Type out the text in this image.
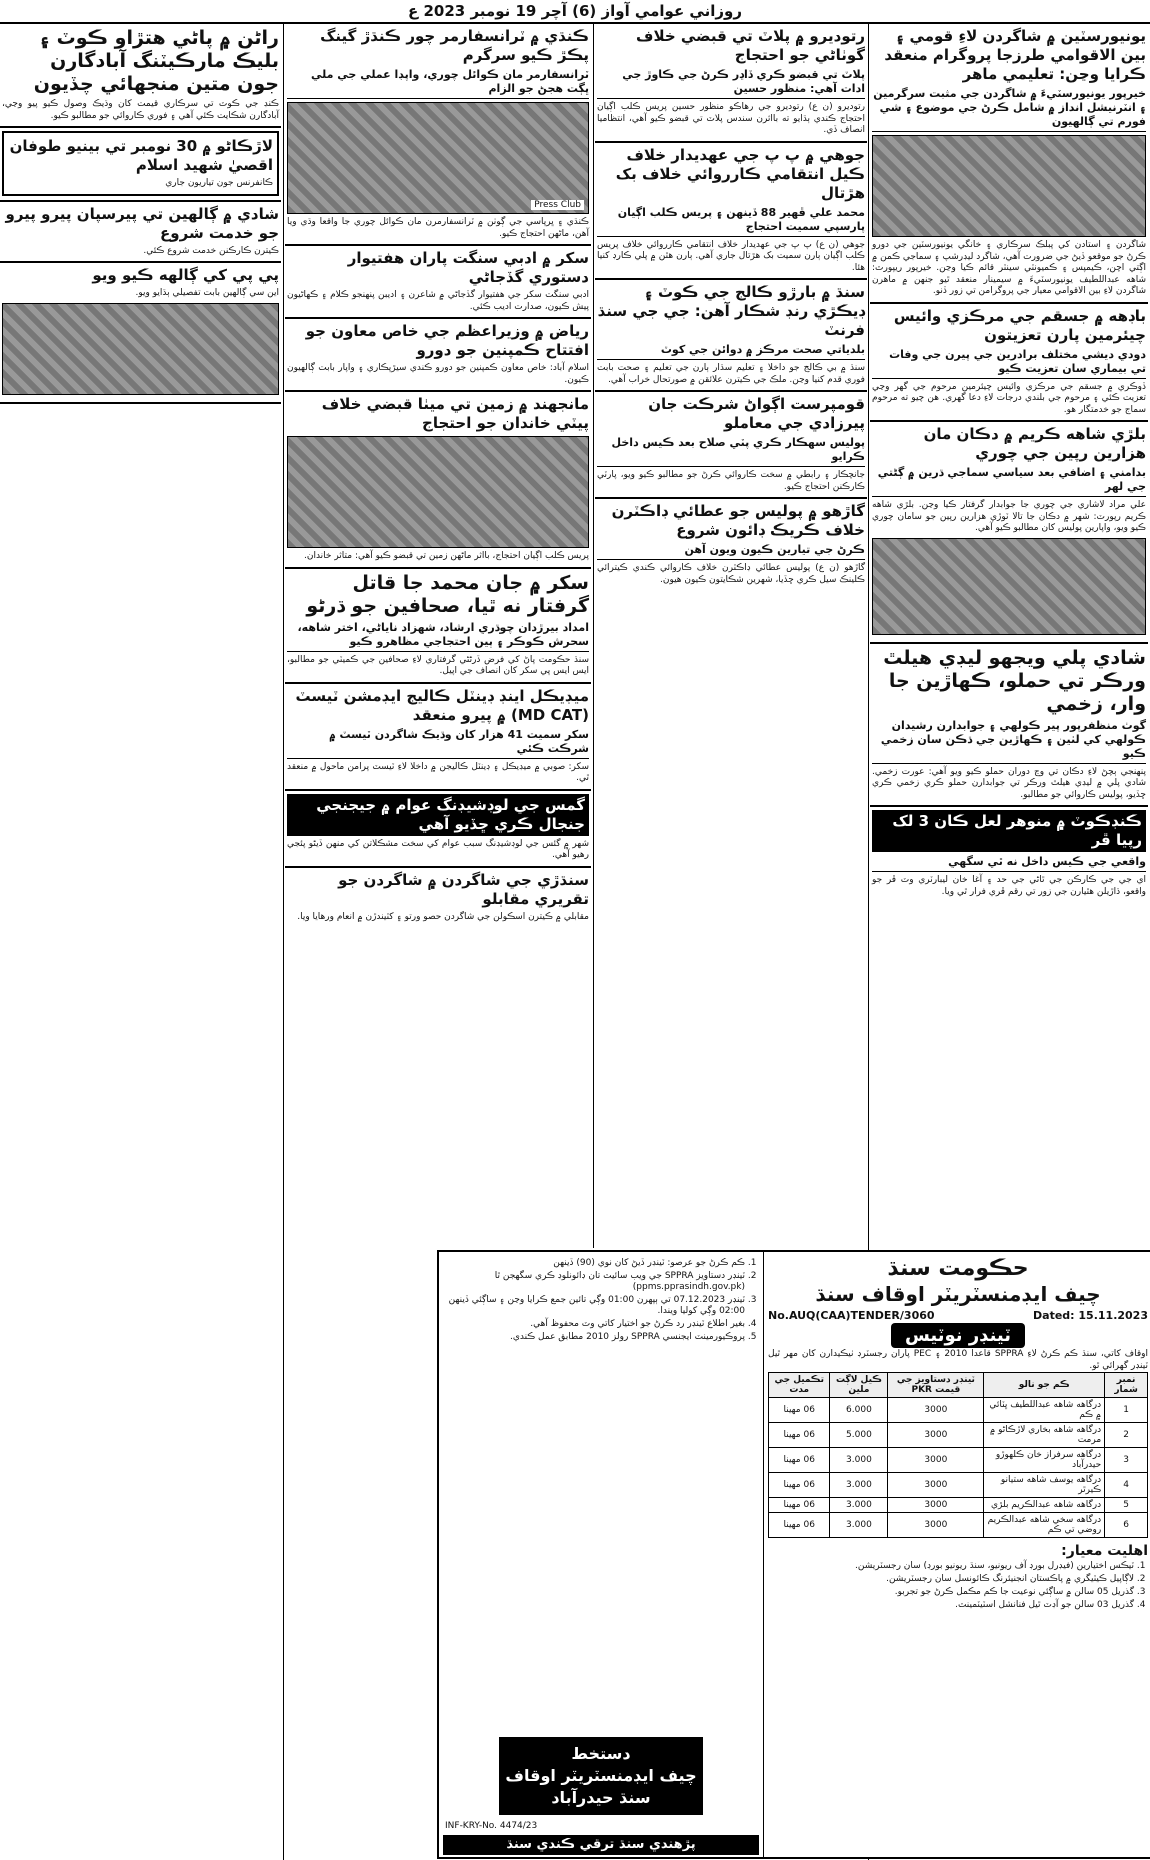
روزاني عوامي آواز (6) آچر 19 نومبر 2023 ع

يونيورسٽين ۾ شاگردن لاءِ قومي ۽ بين الاقوامي طرزجا پروگرام منعقد ڪرايا وڃن: تعليمي ماهر

خيرپور يونيورسٽيءَ ۾ شاگردن جي مثبت سرگرمين ۽ انٽرنيشل انداز ۾ شامل ڪرڻ جي موضوع ۽ شي فورم تي ڳالهيون

شاگردن ۽ استادن کي پبلڪ سرڪاري ۽ خانگي يونيورسٽين جي دورو ڪرڻ جو موقعو ڏيڻ جي ضرورت آهي، شاگرد ليڊرشپ ۽ سماجي ڪمن ۾ اڳتي اچن، ڪيمپس ۽ ڪميونٽي سينٽر قائم ڪيا وڃن. خيرپور ريپورٽ: شاهه عبداللطيف يونيورسٽيءَ ۾ سيمينار منعقد ٿيو جنهن ۾ ماهرن شاگردن لاءِ بين الاقوامي معيار جي پروگرامن تي زور ڏنو.

باڊهه ۾ جسقم جي مرڪزي وائيس چيئرمين پارن تعزيتون

دودي ديشي مختلف برادرين جي پيرن جي وفات تي بيماري سان تعزيت ڪيو

ڏوڪري ۾ جسقم جي مرڪزي وائيس چيئرمين مرحوم جي گهر وڃي تعزيت ڪئي ۽ مرحوم جي بلندي درجات لاءِ دعا گهري. هن چيو ته مرحوم سماج جو خدمتگار هو.

بلڙي شاهه ڪريم ۾ دڪان مان هزارين رپين جي چوري

بدامني ۽ اضافي بعد سياسي سماجي ڌرين ۾ ڳڻتي جي لهر

علي مراد لاشاري جي چوري جا جوابدار گرفتار ڪيا وڃن. بلڙي شاهه ڪريم رپورٽ: شهر ۾ دڪان جا تالا ٽوڙي هزارين رپين جو سامان چوري ڪيو ويو، واپارين پوليس کان مطالبو ڪيو آهي.

شادي پلي ويجهو ليڊي هيلٿ ورڪر تي حملو، ڪهاڙين جا وار، زخمي

گوٺ منظفرپور پير ڪولهي ۽ جوابدارن رشيدان ڪولهي کي لٺين ۽ ڪهاڙين جي ڌڪن سان زخمي ڪيو

پنهنجي ٻچڻ لاءِ دڪان تي وڃ دوران حملو ڪيو ويو آهي: عورت زخمي. شادي پلي ۾ ليڊي هيلٿ ورڪر تي جوابدارن حملو ڪري زخمي ڪري ڇڏيو، پوليس ڪاروائي جو مطالبو.

ڪنڊڪوٽ ۾ منوهر لعل ڪان 3 لک رپيا ڦر

واقعي جي ڪيس داخل نه ٿي سگهي

اي جي جي ڪارڪن جي ٿاڻي جي حد ۽ آغا خان ليبارٽري وٽ ڦر جو واقعو، ڌاڙيلن هٿيارن جي زور تي رقم ڦري فرار ٿي ويا.

رتوديرو ۾ پلاٽ تي قبضي خلاف گوٺاڻي جو احتجاج

پلاٽ تي قبضو ڪري ڏاڍر ڪرڻ جي ڪاوڙ جي ادات آهي: منظور حسين

رتوديرو (ن ع) رتوديرو جي رهاڪو منظور حسين پريس ڪلب اڳيان احتجاج ڪندي ٻڌايو ته بااثرن سندس پلاٽ تي قبضو ڪيو آهي، انتظاميا انصاف ڏي.

جوهي ۾ پ پ جي عهديدار خلاف ڪيل انتقامي ڪارروائي خلاف بک هڙتال

محمد علي ڦهير 88 ڏينهن ۽ پريس ڪلب اڳيان پارسپي سميت احتجاج

جوهي (ن ع) پ پ جي عهديدار خلاف انتقامي ڪارروائي خلاف پريس ڪلب اڳيان ٻارن سميت بک هڙتال جاري آهي. ٻارن هٿن ۾ پلي ڪارڊ کنيا هئا.

سنڌ ۾ بارڙو ڪالج جي ڪوٽ ۽ ڊيڪڙي رنڊ شڪار آهن: جي جي سنڌ فرنٽ

بلدياتي صحت مرڪز ۾ دوائن جي کوٽ

سنڌ ۾ بي ڪالج جو داخلا ۽ تعليم سڌار ٻارن جي تعليم ۽ صحت بابت فوري قدم کنيا وڃن. ملڪ جي ڪيترن علائقن ۾ صورتحال خراب آهي.

قومپرست اڳواڻ شرڪت جان پيرزادي جي معاملو

پوليس سهڪار ڪري پٽي صلاح بعد ڪيس داخل ڪرايو

جانچڪار ۽ رابطي ۾ سخت ڪاروائي ڪرڻ جو مطالبو ڪيو ويو، پارٽي ڪارڪنن احتجاج ڪيو.

گاڙهو ۾ پوليس جو عطائي ڊاڪٽرن خلاف ڪريڪ ڊائون شروع

ڪرڻ جي تيارين ڪيون ويون آهن

گاڙهو (ن ع) پوليس عطائي ڊاڪٽرن خلاف ڪاروائي ڪندي ڪيترائي ڪلينڪ سيل ڪري ڇڏيا، شهرين شڪايتون ڪيون هيون.

ڪنڌي ۾ ٽرانسفارمر چور ڪنڌڙ گينگ پڪڙ ڪيو سرگرم

ٽرانسفارمر مان ڪوائل چوري، واپڊا عملي جي ملي ڀڳت هجڻ جو الزام

Press Club

ڪنڌي ۽ ڀرپاسي جي ڳوٺن ۾ ٽرانسفارمرن مان ڪوائل چوري جا واقعا وڌي ويا آهن، ماڻهن احتجاج ڪيو.

سکر ۾ ادبي سنگت پاران هفتيوار دستوري گڏجاڻي

ادبي سنگت سکر جي هفتيوار گڏجاڻي ۾ شاعرن ۽ اديبن پنهنجو ڪلام ۽ ڪهاڻيون پيش ڪيون، صدارت اديب ڪئي.

رياض ۾ وزيراعظم جي خاص معاون جو افتتاح ڪمپنين جو دورو

اسلام آباد: خاص معاون ڪمپنين جو دورو ڪندي سيڙپڪاري ۽ واپار بابت ڳالهيون ڪيون.

مانجهند ۾ زمين تي ميٺا قبضي خلاف پيٽي خاندان جو احتجاج

پريس ڪلب اڳيان احتجاج، بااثر ماڻهن زمين تي قبضو ڪيو آهي: متاثر خاندان.

سکر ۾ جان محمد جا قاتل گرفتار نه ٿيا، صحافين جو ڌرڻو

امداد بيرڙدان چوڌري ارشاد، شهزاد ناياڻي، اختر شاهه، سحرش ڪوڪر ۽ ٻين احتجاجي مظاهرو ڪيو

سنڌ حڪومت پاڻ کي فرض ڏرڻڻي گرفتاري لاءِ صحافين جي ڪميٽي جو مطالبو، ايس ايس پي سکر کان انصاف جي اپيل.

ميڊيڪل اينڊ ڊينٽل ڪاليج ايڊمشن ٽيسٽ (MD CAT) ۾ پيرو منعقد

سکر سميت 41 هزار کان وڌيڪ شاگردن ٽيسٽ ۾ شرڪت ڪئي

سکر: صوبي ۾ ميڊيڪل ۽ ڊينٽل ڪاليجن ۾ داخلا لاءِ ٽيسٽ پرامن ماحول ۾ منعقد ٿي.

گمس جي لوڊشيڊنگ عوام ۾ جيجنجي جنجال ڪري ڇڏيو آهي

شهر ۾ گئس جي لوڊشيڊنگ سبب عوام کي سخت مشڪلاتن کي منهن ڏيڻو پئجي رهيو آهي.

سنڌڙي جي شاگردن ۾ شاگردن جو تقريري مقابلو

مقابلي ۾ ڪيترن اسڪولن جي شاگردن حصو ورتو ۽ کٽيندڙن ۾ انعام ورهايا ويا.

راڻن ۾ پاڻي هتڙاو ڪوٽ ۽ بليڪ مارڪيٽنگ آبادگارن جون متين منجهائي چڏيون

ڪنڊ جي ڪوٽ تي سرڪاري قيمت کان وڌيڪ وصول ڪيو پيو وڃي، آبادگارن شڪايت ڪئي آهي ۽ فوري ڪاروائي جو مطالبو ڪيو.

لاڙڪاڻو ۾ 30 نومبر تي بينيو طوفان اقصيٰ شهيد اسلام

ڪانفرنس جون تياريون جاري

شادي ۾ ڳالهين تي پيرسپان پيرو پيرو جو خدمت شروع

ڪيترن ڪارڪنن خدمت شروع ڪئي.

پي پي کي ڳالهه ڪيو ويو

اين سي ڳالهين بابت تفصيلي ٻڌايو ويو.

حڪومت سنڌ
چيف ايڊمنسٽريٽر اوقاف سنڌ
No.AUQ(CAA)TENDER/3060	Dated: 15.11.2023
ٽينڊر نوٽيس

اوقاف کاتي، سنڌ ڪم ڪرڻ لاءِ SPPRA قاعدا 2010 ۽ PEC پاران رجسٽرڊ ٺيڪيدارن کان مهر ٿيل ٽينڊر گهرائي ٿو.

نمبر شمار	ڪم جو نالو	ٽينڊر دستاويز جي قيمت PKR	ڪيل لاڳت ملين	تڪميل جي مدت
1	درگاهه شاهه عبداللطيف ڀٽائي ۾ ڪم	3000	6.000	06 مهينا
2	درگاهه شاهه بخاري لاڙڪاڻو ۾ مرمت	3000	5.000	06 مهينا
3	درگاهه سرفراز خان ڪلهوڙو حيدرآباد	3000	3.000	06 مهينا
4	درگاهه يوسف شاهه ستيانو ڪيرٿر	3000	3.000	06 مهينا
5	درگاهه شاهه عبدالڪريم بلڙي	3000	3.000	06 مهينا
6	درگاهه سخي شاهه عبدالڪريم روضي تي ڪم	3000	3.000	06 مهينا
اهليت معيار:
1. ٽيڪس اختيارين (فيڊرل بورڊ آف ريونيو، سنڌ ريونيو بورڊ) سان رجسٽريشن.
2. لاڳاپيل ڪيٽيگري ۾ پاڪستان انجنيئرنگ ڪائونسل سان رجسٽريشن.
3. گذريل 05 سالن ۾ ساڳئي نوعيت جا ڪم مڪمل ڪرڻ جو تجربو.
4. گذريل 03 سالن جو آڊٽ ٿيل فنانشل اسٽيٽمينٽ.
1. ڪم ڪرڻ جو عرصو: ٽينڊر ڏيڻ کان نوي (90) ڏينهن
2. ٽينڊر دستاويز SPPRA جي ويب سائيٽ تان ڊائونلوڊ ڪري سگهجن ٿا (ppms.pprasindh.gov.pk)
3. ٽينڊر 07.12.2023 تي ٻپهرن 01:00 وڳي تائين جمع ڪرايا وڃن ۽ ساڳئي ڏينهن 02:00 وڳي کوليا ويندا.
4. بغير اطلاع ٽينڊر رد ڪرڻ جو اختيار کاتي وٽ محفوظ آهي.
5. پروڪيورمينٽ ايجنسي SPPRA رولز 2010 مطابق عمل ڪندي.
دستخط
چيف ايڊمنسٽريٽر اوقاف
سنڌ حيدرآباد
INF-KRY-No. 4474/23
پڙهندي سنڌ ترقي ڪندي سنڌ
